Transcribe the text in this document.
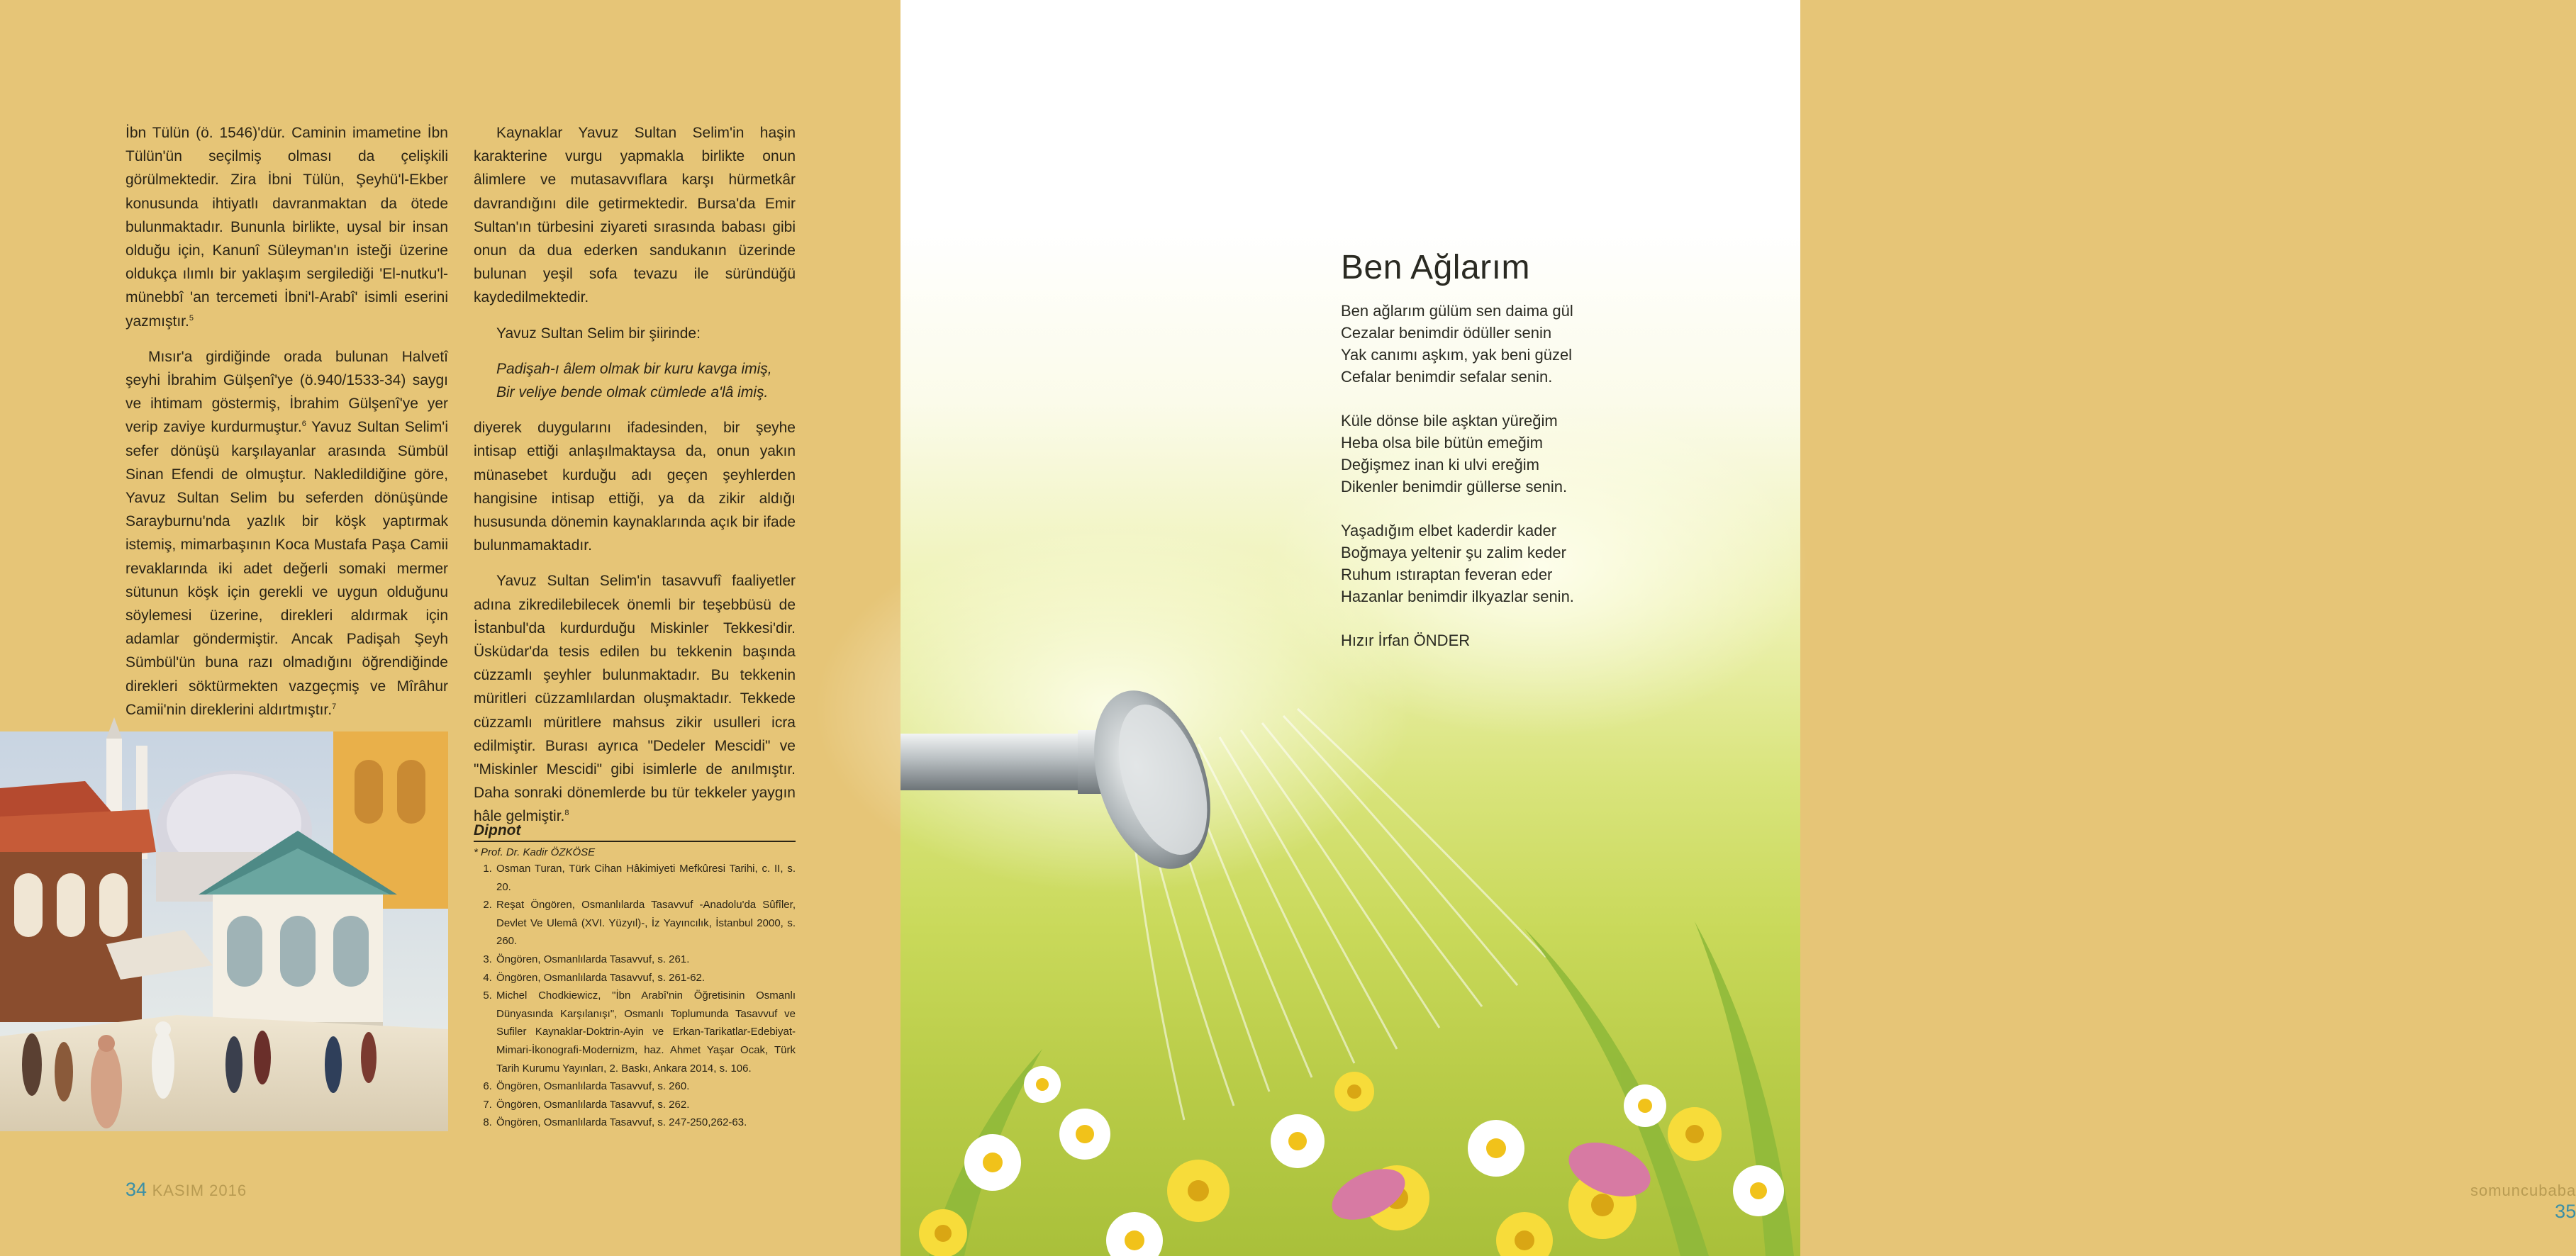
İbn Tülün (ö. 1546)'dür. Caminin imametine İbn Tülün'ün seçilmiş olması da çelişkili görülmektedir. Zira İbni Tülün, Şeyhü'l-Ekber konusunda ihtiyatlı davranmaktan da ötede bulunmaktadır. Bununla birlikte, uysal bir insan olduğu için, Kanunî Süleyman'ın isteği üzerine oldukça ılımlı bir yaklaşım sergilediği 'El-nutku'l-münebbî 'an tercemeti İbni'l-Arabî' isimli eserini yazmıştır.$^5$

Mısır'a girdiğinde orada bulunan Halvetî şeyhi İbrahim Gülşenî'ye (ö.940/1533-34) saygı ve ihtimam göstermiş, İbrahim Gülşenî'ye yer verip zaviye kurdurmuştur.$^6$ Yavuz Sultan Selim'i sefer dönüşü karşılayanlar arasında Sümbül Sinan Efendi de olmuştur. Nakledildiğine göre, Yavuz Sultan Selim bu seferden dönüşünde Sarayburnu'nda yazlık bir köşk yaptırmak istemiş, mimarbaşının Koca Mustafa Paşa Camii revaklarında iki adet değerli somaki mermer sütunun köşk için gerekli ve uygun olduğunu söylemesi üzerine, direkleri aldırmak için adamlar göndermiştir. Ancak Padişah Şeyh Sümbül'ün buna razı olmadığını öğrendiğinde direkleri söktürmekten vazgeçmiş ve Mîrâhur Camii'nin direklerini aldırtmıştır.$^7$

Kaynaklar Yavuz Sultan Selim'in haşin karakterine vurgu yapmakla birlikte onun âlimlere ve mutasavvıflara karşı hürmetkâr davrandığını dile getirmektedir. Bursa'da Emir Sultan'ın türbesini ziyareti sırasında babası gibi onun da dua ederken sandukanın üzerinde bulunan yeşil sofa tevazu ile süründüğü kaydedilmektedir.

Yavuz Sultan Selim bir şiirinde:

Padişah-ı âlem olmak bir kuru kavga imiş,

Bir veliye bende olmak cümlede a'lâ imiş.

diyerek duygularını ifadesinden, bir şeyhe intisap ettiği anlaşılmaktaysa da, onun yakın münasebet kurduğu adı geçen şeyhlerden hangisine intisap ettiği, ya da zikir aldığı hususunda dönemin kaynaklarında açık bir ifade bulunmamaktadır.

Yavuz Sultan Selim'in tasavvufî faaliyetler adına zikredilebilecek önemli bir teşebbüsü de İstanbul'da kurdurduğu Miskinler Tekkesi'dir. Üsküdar'da tesis edilen bu tekkenin başında cüzzamlı şeyhler bulunmaktadır. Bu tekkenin müritleri cüzzamlılardan oluşmaktadır. Tekkede cüzzamlı müritlere mahsus zikir usulleri icra edilmiştir. Burası ayrıca "Dedeler Mescidi" ve "Miskinler Mescidi" gibi isimlerle de anılmıştır. Daha sonraki dönemlerde bu tür tekkeler yaygın hâle gelmiştir.$^8$

Dipnot
* Prof. Dr. Kadir ÖZKÖSE
1. Osman Turan, Türk Cihan Hâkimiyeti Mefkûresi Tarihi, c. II, s. 20.
2. Reşat Öngören, Osmanlılarda Tasavvuf -Anadolu'da Sûfîler, Devlet Ve Ulemâ (XVI. Yüzyıl)-, İz Yayıncılık, İstanbul 2000, s. 260.
3. Öngören, Osmanlılarda Tasavvuf, s. 261.
4. Öngören, Osmanlılarda Tasavvuf, s. 261-62.
5. Michel Chodkiewicz, "İbn Arabî'nin Öğretisinin Osmanlı Dünyasında Karşılanışı", Osmanlı Toplumunda Tasavvuf ve Sufiler Kaynaklar-Doktrin-Ayin ve Erkan-Tarikatlar-Edebiyat-Mimari-İkonografi-Modernizm, haz. Ahmet Yaşar Ocak, Türk Tarih Kurumu Yayınları, 2. Baskı, Ankara 2014, s. 106.
6. Öngören, Osmanlılarda Tasavvuf, s. 260.
7. Öngören, Osmanlılarda Tasavvuf, s. 262.
8. Öngören, Osmanlılarda Tasavvuf, s. 247-250,262-63.
34 KASIM 2016	somuncubaba 35
Ben Ağlarım
Ben ağlarım gülüm sen daima gül
Cezalar benimdir ödüller senin
Yak canımı aşkım, yak beni güzel
Cefalar benimdir sefalar senin.
Küle dönse bile aşktan yüreğim
Heba olsa bile bütün emeğim
Değişmez inan ki ulvi ereğim
Dikenler benimdir güllerse senin.
Yaşadığım elbet kaderdir kader
Boğmaya yeltenir şu zalim keder
Ruhum ıstıraptan feveran eder
Hazanlar benimdir ilkyazlar senin.
Hızır İrfan ÖNDER
